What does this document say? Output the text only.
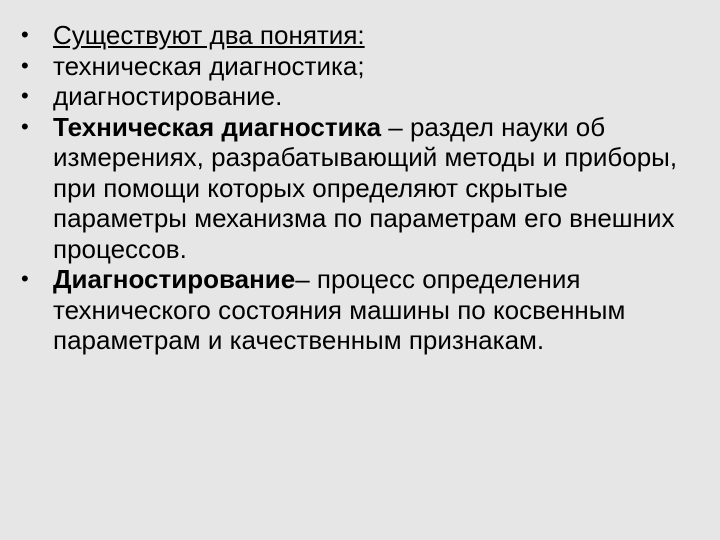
• Существуют два понятия:
• техническая диагностика;
• диагностирование.
• Техническая диагностика – раздел науки об измерениях, разрабатывающий методы и приборы, при помощи которых определяют скрытые параметры механизма по параметрам его внешних процессов.
• Диагностирование– процесс определения технического состояния машины по косвенным параметрам и качественным признакам.
